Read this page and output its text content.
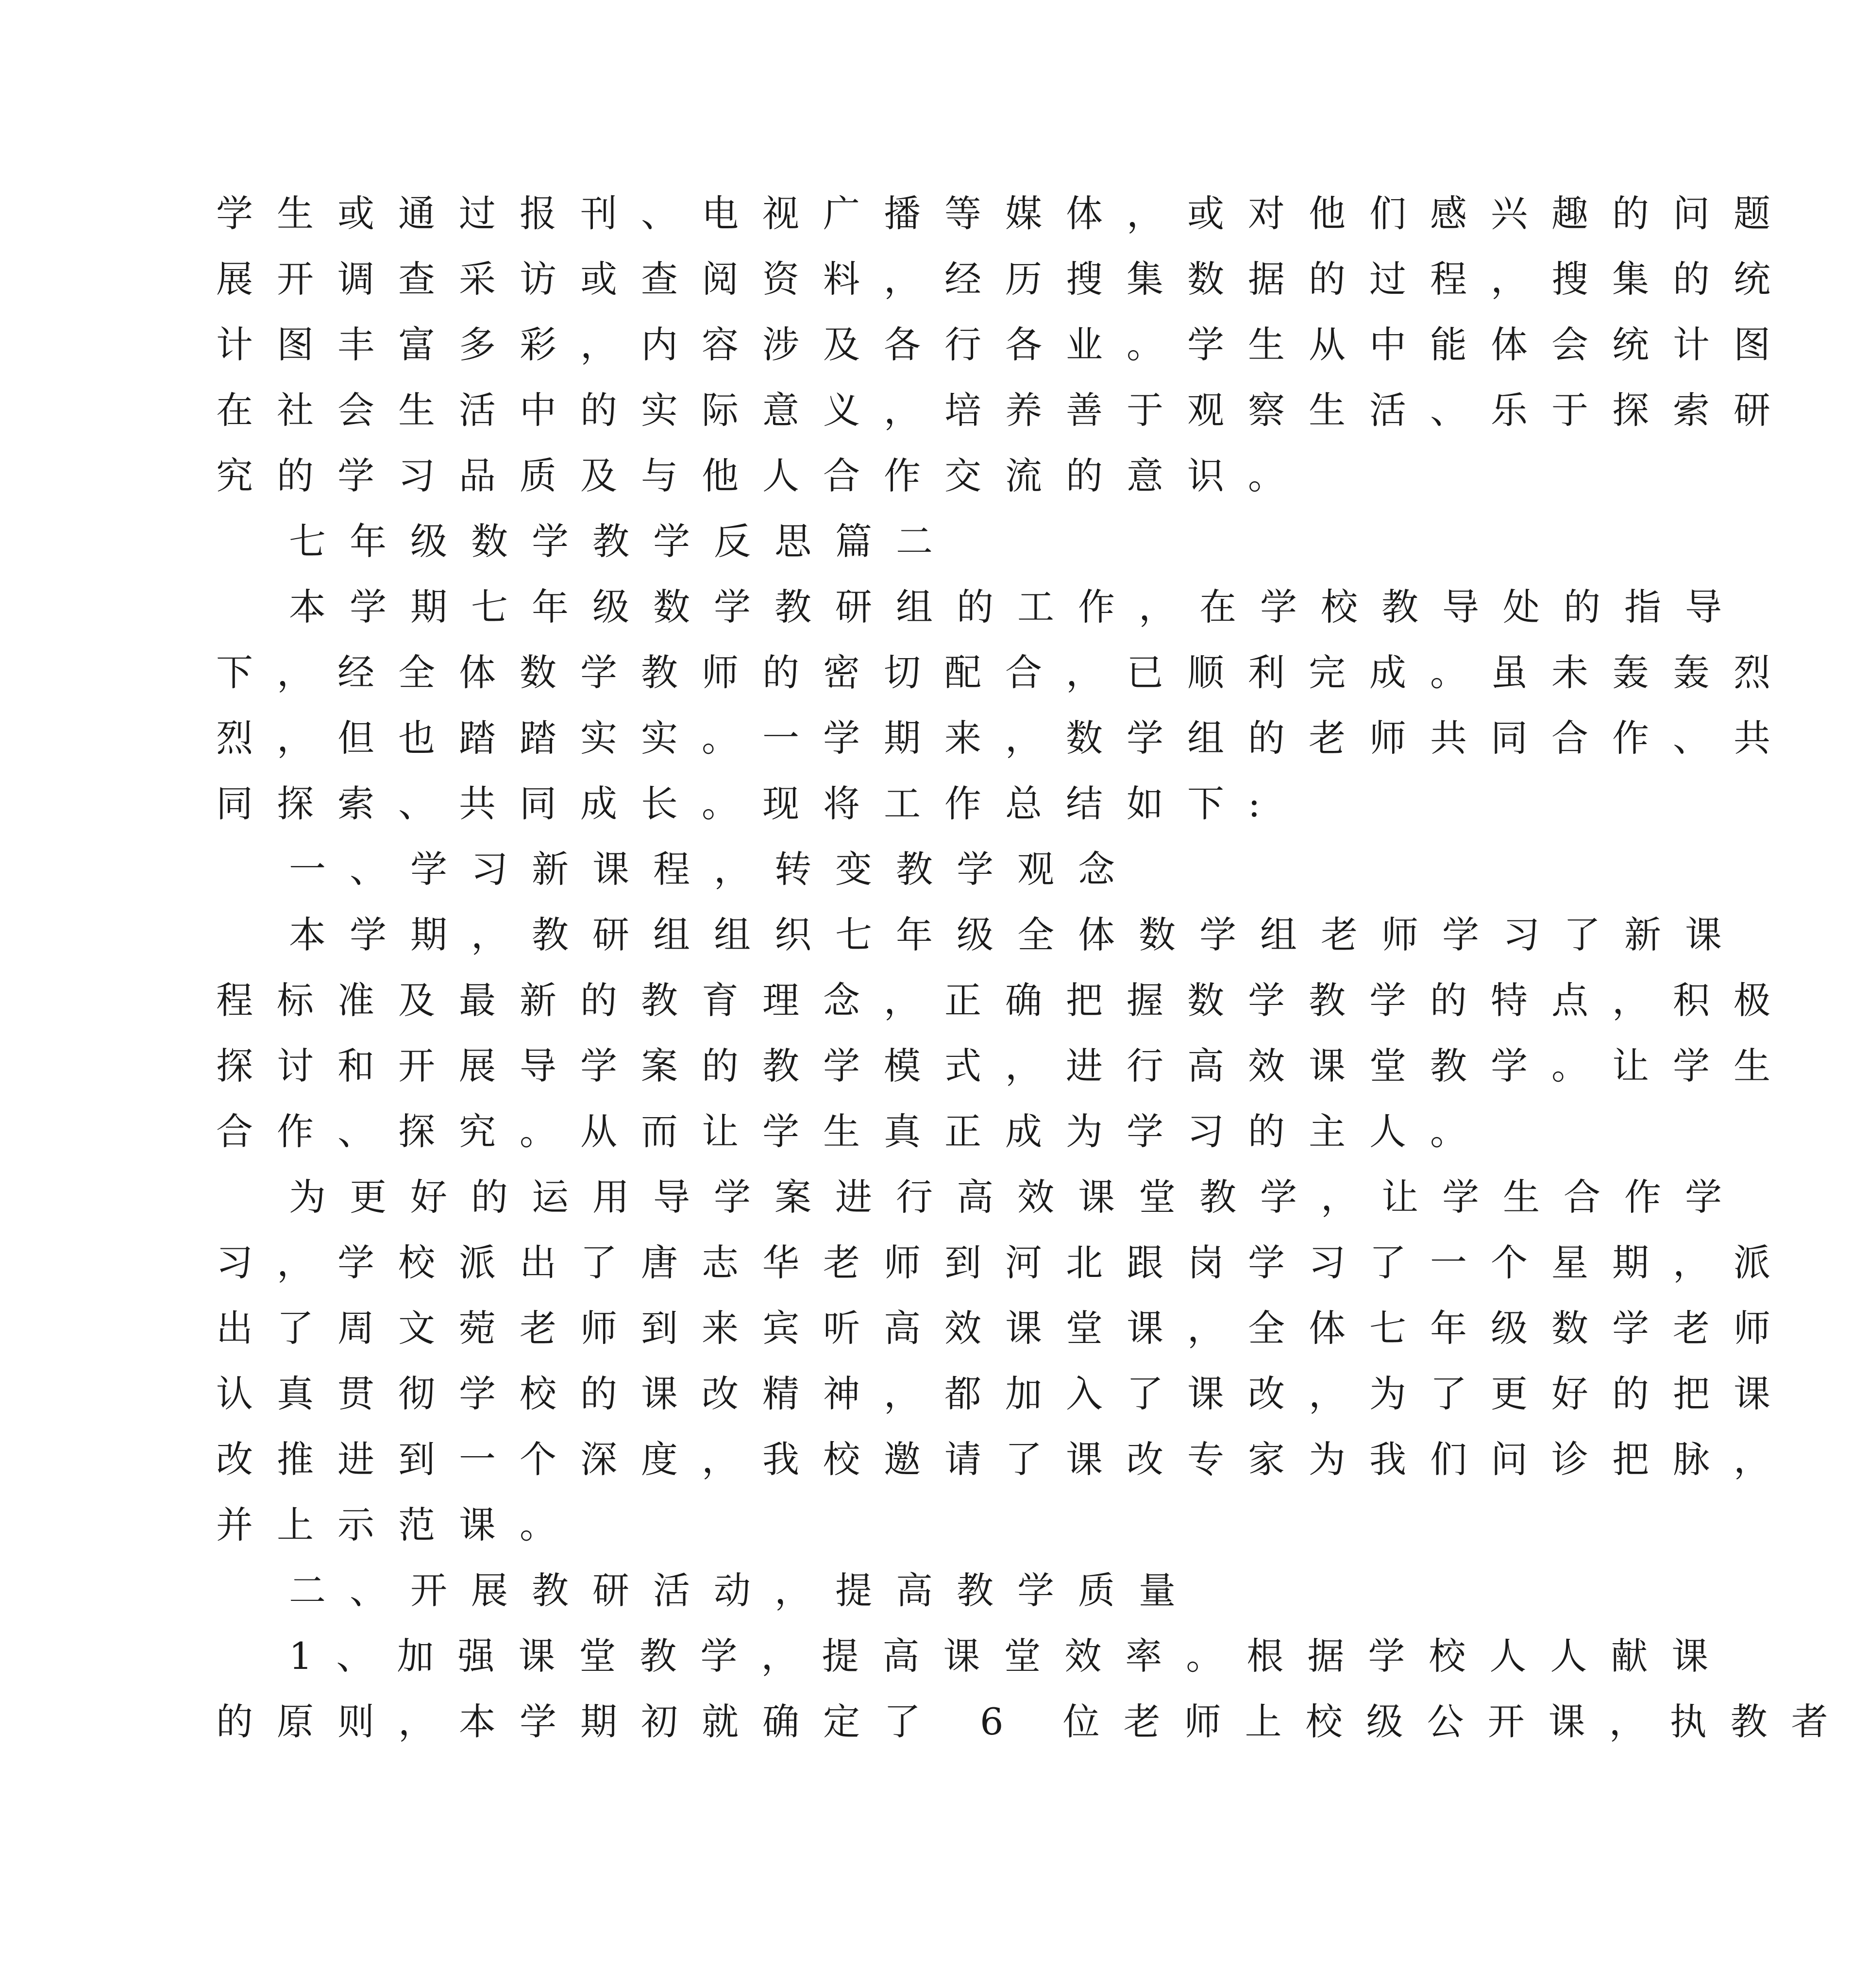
学生或通过报刊、电视广播等媒体，或对他们感兴趣的问题
展开调查采访或查阅资料，经历搜集数据的过程，搜集的统
计图丰富多彩，内容涉及各行各业。学生从中能体会统计图
在社会生活中的实际意义，培养善于观察生活、乐于探索研
究的学习品质及与他人合作交流的意识。
七年级数学教学反思篇二
本学期七年级数学教研组的工作，在学校教导处的指导
下，经全体数学教师的密切配合，已顺利完成。虽未轰轰烈
烈，但也踏踏实实。一学期来，数学组的老师共同合作、共
同探索、共同成长。现将工作总结如下:
一、学习新课程，转变教学观念
本学期，教研组组织七年级全体数学组老师学习了新课
程标准及最新的教育理念，正确把握数学教学的特点，积极
探讨和开展导学案的教学模式，进行高效课堂教学。让学生
合作、探究。从而让学生真正成为学习的主人。
为更好的运用导学案进行高效课堂教学，让学生合作学
习，学校派出了唐志华老师到河北跟岗学习了一个星期，派
出了周文菀老师到来宾听高效课堂课，全体七年级数学老师
认真贯彻学校的课改精神，都加入了课改，为了更好的把课
改推进到一个深度，我校邀请了课改专家为我们问诊把脉，
并上示范课。
二、开展教研活动，提高教学质量
1、加强课堂教学，提高课堂效率。根据学校人人献课
的原则，本学期初就确定了 6 位老师上校级公开课，执教者
